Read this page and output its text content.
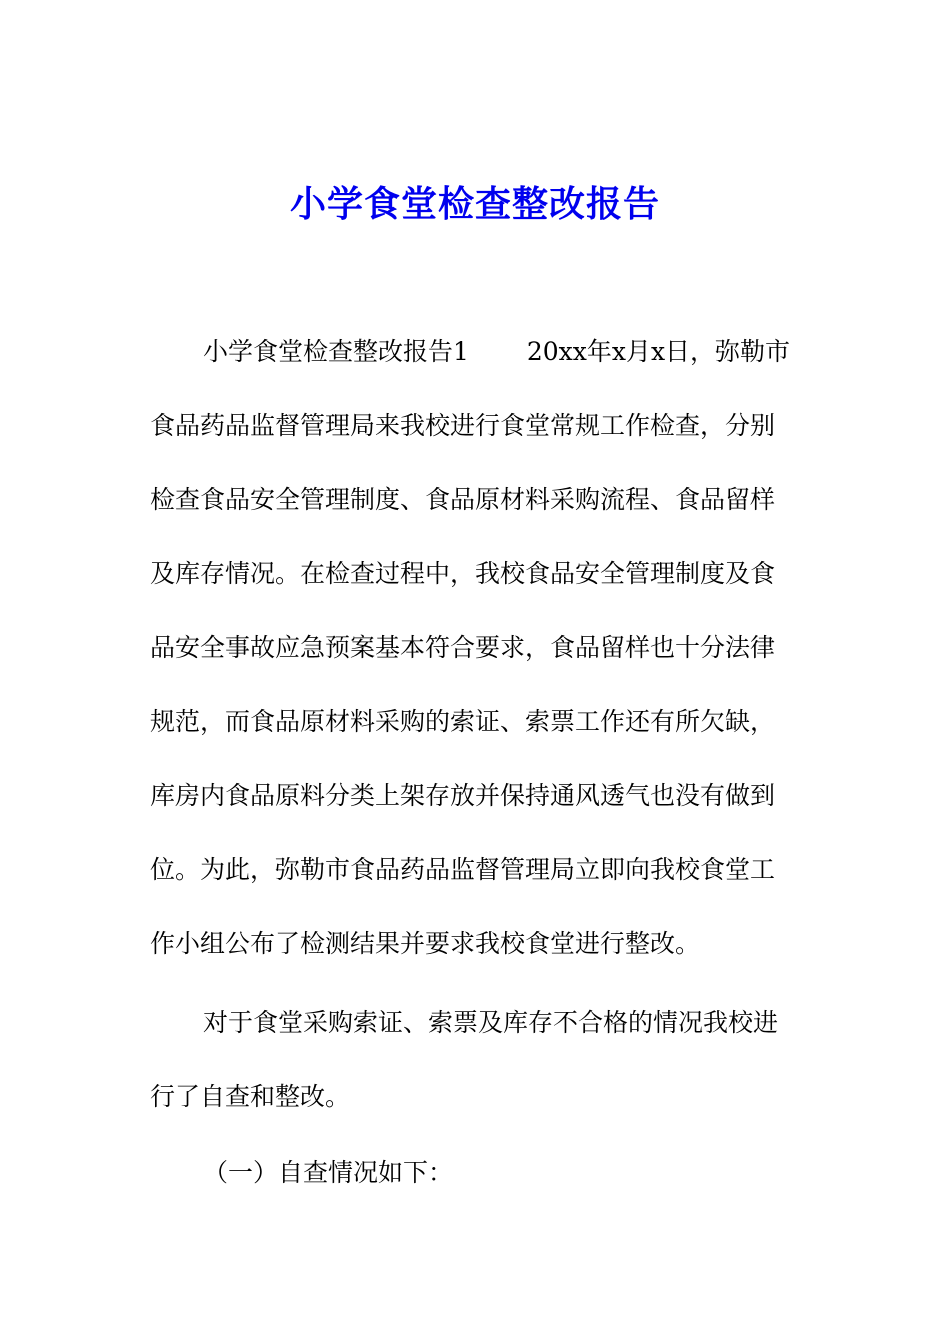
小学食堂检查整改报告
小学食堂检查整改报告1　　 20xx年x月x日，弥勒市
食品药品监督管理局来我校进行食堂常规工作检查，分别
检查食品安全管理制度、食品原材料采购流程、食品留样
及库存情况。在检查过程中，我校食品安全管理制度及食
品安全事故应急预案基本符合要求，食品留样也十分法律
规范，而食品原材料采购的索证、索票工作还有所欠缺，
库房内食品原料分类上架存放并保持通风透气也没有做到
位。为此，弥勒市食品药品监督管理局立即向我校食堂工
作小组公布了检测结果并要求我校食堂进行整改。
对于食堂采购索证、索票及库存不合格的情况我校进
行了自查和整改。
（一）自查情况如下：
